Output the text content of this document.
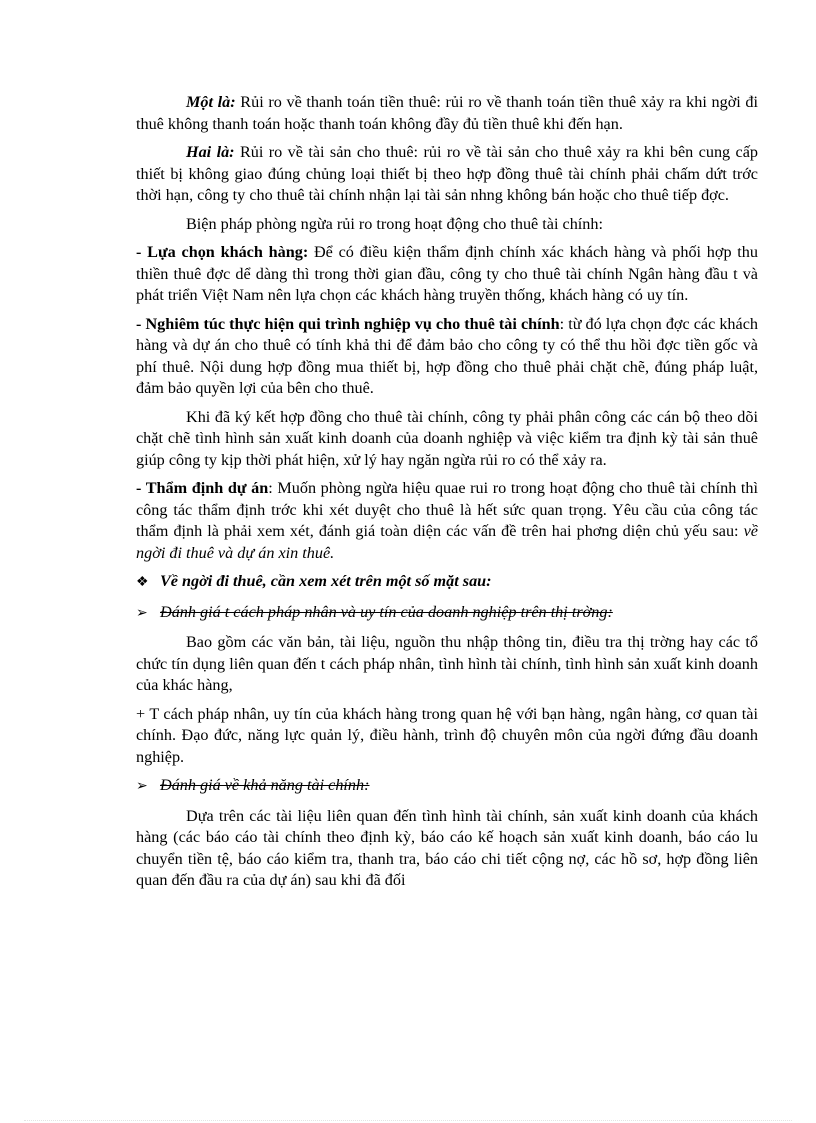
Một là: Rủi ro về thanh toán tiền thuê: rủi ro về thanh toán tiền thuê xảy ra khi ngời đi thuê không thanh toán hoặc thanh toán không đầy đủ tiền thuê khi đến hạn.

Hai là: Rủi ro về tài sản cho thuê: rủi ro về tài sản cho thuê xảy ra khi bên cung cấp thiết bị không giao đúng chủng loại thiết bị theo hợp đồng thuê tài chính phải chấm dứt trớc thời hạn, công ty cho thuê tài chính nhận lại tài sản nhng không bán hoặc cho thuê tiếp đợc.

Biện pháp phòng ngừa rủi ro trong hoạt động cho thuê tài chính:

- Lựa chọn khách hàng: Để có điều kiện thẩm định chính xác khách hàng và phối hợp thu thiền thuê đợc dể dàng thì trong thời gian đầu, công ty cho thuê tài chính Ngân hàng đầu t và phát triển Việt Nam nên lựa chọn các khách hàng truyền thống, khách hàng có uy tín.

- Nghiêm túc thực hiện qui trình nghiệp vụ cho thuê tài chính: từ đó lựa chọn đợc các khách hàng và dự án cho thuê có tính khả thi để đảm bảo cho công ty có thể thu hồi đợc tiền gốc và phí thuê. Nội dung hợp đồng mua thiết bị, hợp đồng cho thuê phải chặt chẽ, đúng pháp luật, đảm bảo quyền lợi của bên cho thuê.

Khi đã ký kết hợp đồng cho thuê tài chính, công ty phải phân công các cán bộ theo dõi chặt chẽ tình hình sản xuất kinh doanh của doanh nghiệp và việc kiểm tra định kỳ tài sản thuê giúp công ty kịp thời phát hiện, xử lý hay ngăn ngừa rủi ro có thể xảy ra.

- Thẩm định dự án: Muốn phòng ngừa hiệu quae rui ro trong hoạt động cho thuê tài chính thì công tác thẩm định trớc khi xét duyệt cho thuê là hết sức quan trọng. Yêu cầu của công tác thẩm định là phải xem xét, đánh giá toàn diện các vấn đề trên hai phơng diện chủ yếu sau: về ngời đi thuê và dự án xin thuê.

❖ Về ngời đi thuê, cần xem xét trên một số mặt sau:
➢ Đánh giá t cách pháp nhân và uy tín của doanh nghiệp trên thị trờng:

Bao gồm các văn bản, tài liệu, nguồn thu nhập thông tin, điều tra thị trờng hay các tổ chức tín dụng liên quan đến t cách pháp nhân, tình hình tài chính, tình hình sản xuất kinh doanh của khác hàng,

+ T cách pháp nhân, uy tín của khách hàng trong quan hệ với bạn hàng, ngân hàng, cơ quan tài chính. Đạo đức, năng lực quản lý, điều hành, trình độ chuyên môn của ngời đứng đầu doanh nghiệp.

➢ Đánh giá về khả năng tài chính:

Dựa trên các tài liệu liên quan đến tình hình tài chính, sản xuất kinh doanh của khách hàng (các báo cáo tài chính theo định kỳ, báo cáo kế hoạch sản xuất kinh doanh, báo cáo lu chuyển tiền tệ, báo cáo kiểm tra, thanh tra, báo cáo chi tiết cộng nợ, các hồ sơ, hợp đồng liên quan đến đầu ra của dự án) sau khi đã đối
